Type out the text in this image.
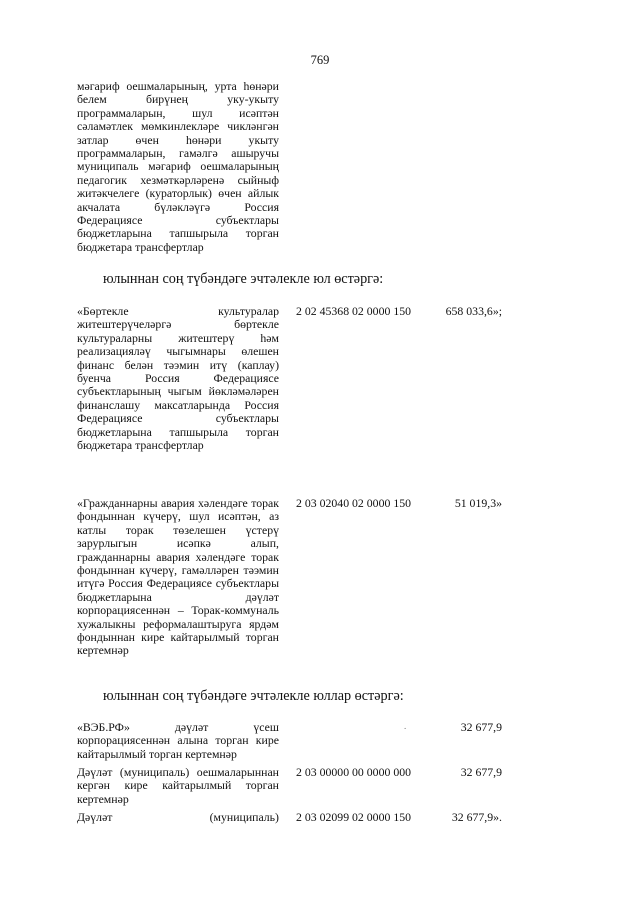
769
мәгариф оешмаларының, урта һөнәри белем бирүнең уку-укыту программаларын, шул исәптән сәламәтлек мөмкинлекләре чикләнгән затлар өчен һөнәри укыту программаларын, гамәлгә ашыручы муниципаль мәгариф оешмаларының педагогик хезмәткәрләренә сыйныф житәкчелеге (кураторлык) өчен айлык акчалата бүләкләүгә Россия Федерациясе субъектлары бюджетларына тапшырыла торган бюджетара трансфертлар
юлыннан соң түбәндәге эчтәлекле юл өстәргә:
«Бөртекле культуралар житештерүчеләргә бөртекле культураларны житештерү һәм реализацияләү чыгымнары өлешен финанс белән тәэмин итү (каплау) буенча Россия Федерациясе субъектларының чыгым йөкләмәләрен финанслашу максатларында Россия Федерациясе субъектлары бюджетларына тапшырыла торган бюджетара трансфертлар
2 02 45368 02 0000 150	658 033,6»;
«Гражданнарны авария хәлендәге торак фондыннан күчерү, шул исәптән, аз катлы торак төзелешен үстерү зарурлыгын исәпкә алып, гражданнарны авария хәлендәге торак фондыннан күчерү, гамәлләрен тәэмин итүгә Россия Федерациясе субъектлары бюджетларына дәүләт корпорациясеннән – Торак-коммуналь хужалыкны реформалаштыруга ярдәм фондыннан кире кайтарылмый торган кертемнәр
2 03 02040 02 0000 150	51 019,3»
юлыннан соң түбәндәге эчтәлекле юллар өстәргә:
«ВЭБ.РФ» дәүләт үсеш корпорациясеннән алына торган кире кайтарылмый торган кертемнәр
.	32 677,9
Дәүләт (муниципаль) оешмаларыннан кергән кире кайтарылмый торган кертемнәр
2 03 00000 00 0000 000	32 677,9
Дәүләт (муниципаль) 2 03 02099 02 0000 150	32 677,9».
